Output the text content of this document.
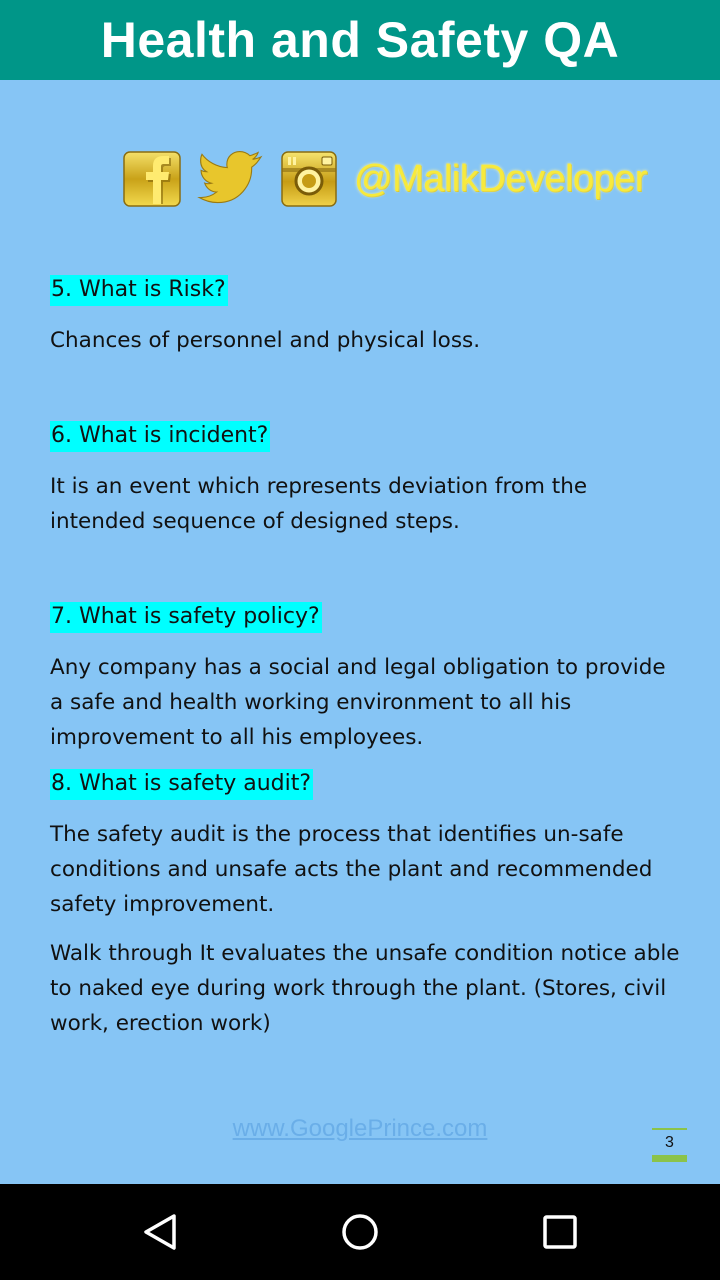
Health and Safety QA
@MalikDeveloper
5. What is Risk?

Chances of personnel and physical loss.

6. What is incident?

It is an event which represents deviation from the intended sequence of designed steps.

7. What is safety policy?

Any company has a social and legal obligation to provide a safe and health working environment to all his improvement to all his employees.

8. What is safety audit?

The safety audit is the process that identifies un-safe conditions and unsafe acts the plant and recommended safety improvement.

Walk through It evaluates the unsafe condition notice able to naked eye during work through the plant. (Stores, civil work, erection work)

www.GooglePrince.com
3
